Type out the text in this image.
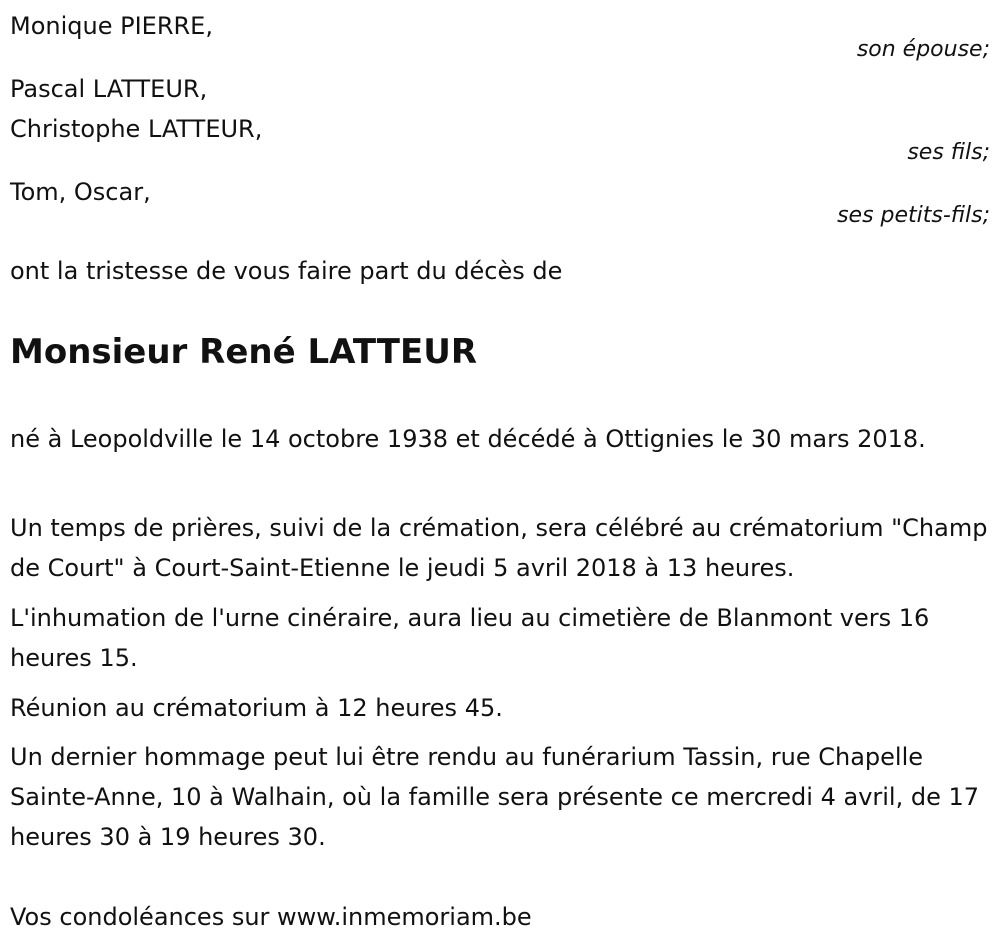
Monique PIERRE,
son épouse;
Pascal LATTEUR,
Christophe LATTEUR,
ses fils;
Tom, Oscar,
ses petits-fils;
ont la tristesse de vous faire part du décès de
Monsieur René LATTEUR
né à Leopoldville le 14 octobre 1938 et décédé à Ottignies le 30 mars 2018.
Un temps de prières, suivi de la crémation, sera célébré au crématorium "Champ de Court" à Court-Saint-Etienne le jeudi 5 avril 2018 à 13 heures.
L'inhumation de l'urne cinéraire, aura lieu au cimetière de Blanmont vers 16 heures 15.
Réunion au crématorium à 12 heures 45.
Un dernier hommage peut lui être rendu au funérarium Tassin, rue Chapelle Sainte-Anne, 10 à Walhain, où la famille sera présente ce mercredi 4 avril, de 17 heures 30 à 19 heures 30.
Vos condoléances sur www.inmemoriam.be
